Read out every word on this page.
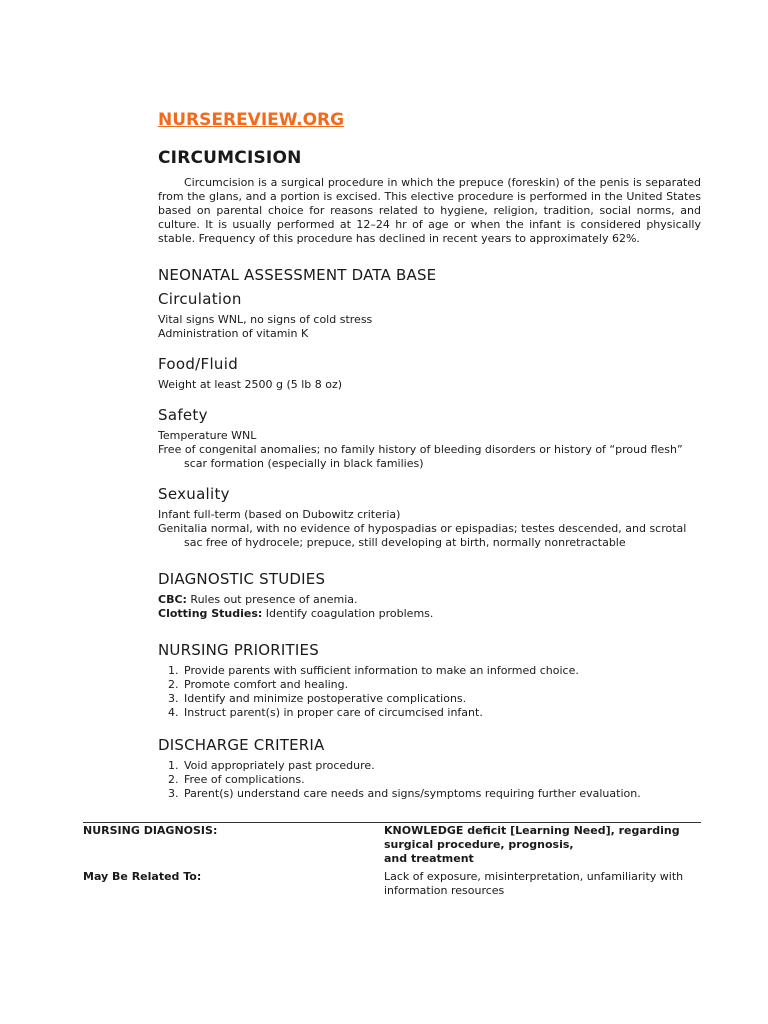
NURSEREVIEW.ORG
CIRCUMCISION

Circumcision is a surgical procedure in which the prepuce (foreskin) of the penis is separated from the glans, and a portion is excised. This elective procedure is performed in the United States based on parental choice for reasons related to hygiene, religion, tradition, social norms, and culture. It is usually performed at 12–24 hr of age or when the infant is considered physically stable. Frequency of this procedure has declined in recent years to approximately 62%.

NEONATAL ASSESSMENT DATA BASE
Circulation

Vital signs WNL, no signs of cold stress

Administration of vitamin K

Food/Fluid

Weight at least 2500 g (5 lb 8 oz)

Safety

Temperature WNL

Free of congenital anomalies; no family history of bleeding disorders or history of “proud flesh” scar formation (especially in black families)

Sexuality

Infant full-term (based on Dubowitz criteria)

Genitalia normal, with no evidence of hypospadias or epispadias; testes descended, and scrotal sac free of hydrocele; prepuce, still developing at birth, normally nonretractable

DIAGNOSTIC STUDIES

CBC: Rules out presence of anemia.

Clotting Studies: Identify coagulation problems.

NURSING PRIORITIES
1. Provide parents with sufficient information to make an informed choice.
2. Promote comfort and healing.
3. Identify and minimize postoperative complications.
4. Instruct parent(s) in proper care of circumcised infant.
DISCHARGE CRITERIA
1. Void appropriately past procedure.
2. Free of complications.
3. Parent(s) understand care needs and signs/symptoms requiring further evaluation.
NURSING DIAGNOSIS:	KNOWLEDGE deficit [Learning Need], regarding
surgical procedure, prognosis,
and treatment
May Be Related To:	Lack of exposure, misinterpretation, unfamiliarity with
information resources
